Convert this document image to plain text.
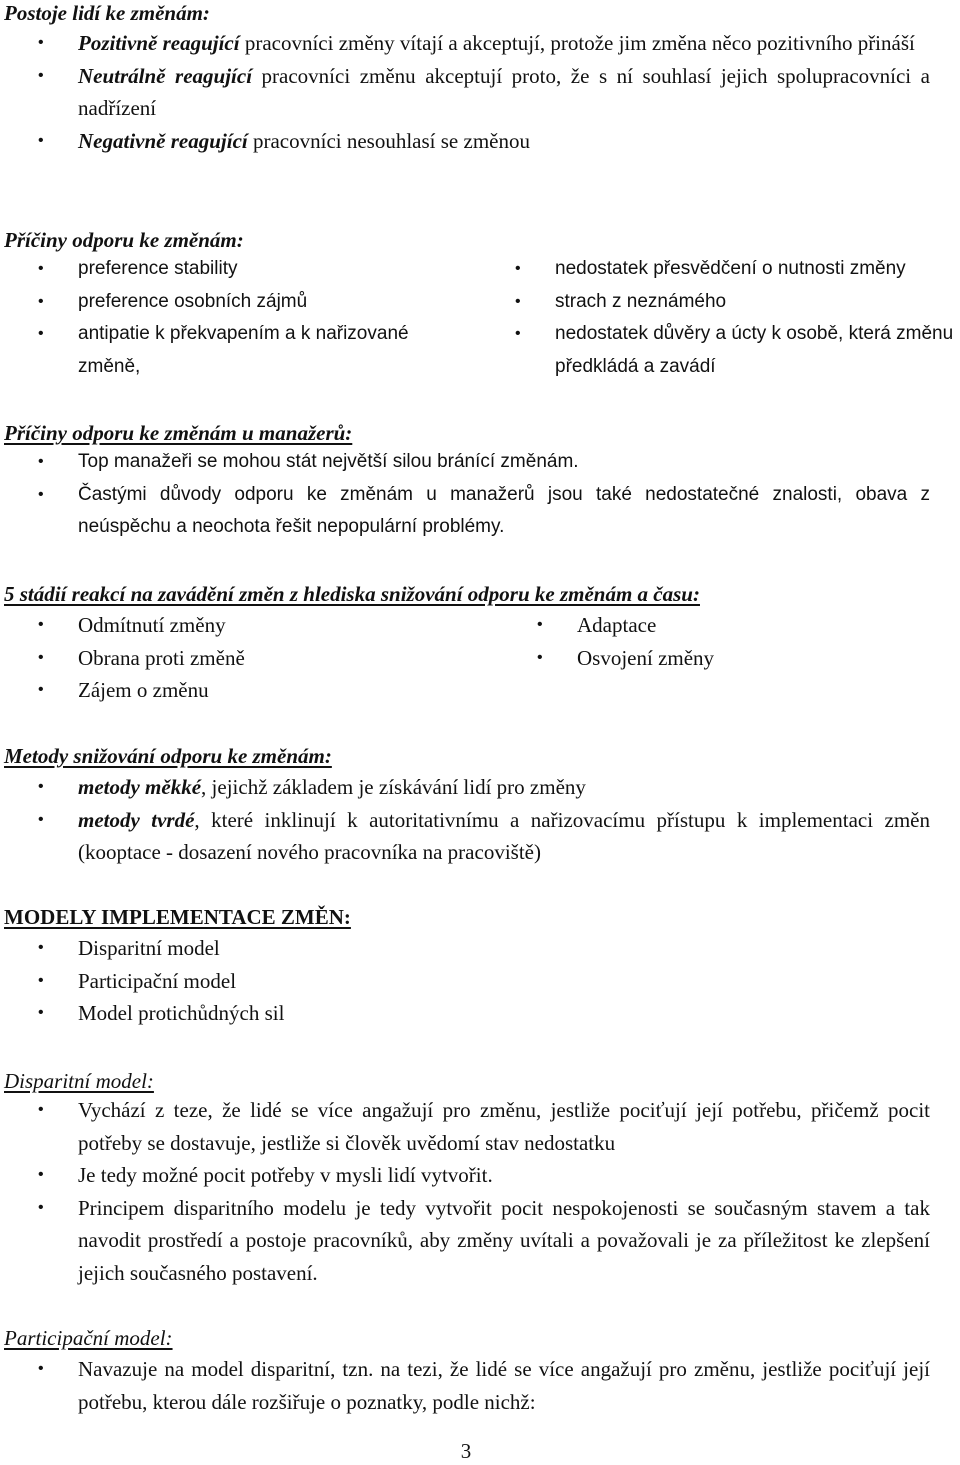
Postoje lidí ke změnám:
• Pozitivně reagující pracovníci změny vítají a akceptují, protože jim změna něco pozitivního přináší
• Neutrálně reagující pracovníci změnu akceptují proto, že s ní souhlasí jejich spolupracovníci a nadřízení
• Negativně reagující pracovníci nesouhlasí se změnou
Příčiny odporu ke změnám:
• preference stability
• preference osobních zájmů
• antipatie k překvapením a k nařizované změně,
• nedostatek přesvědčení o nutnosti změny
• strach z neznámého
• nedostatek důvěry a úcty k osobě, která změnu předkládá a zavádí
Příčiny odporu ke změnám u manažerů:
• Top manažeři se mohou stát největší silou bránící změnám.
• Častými důvody odporu ke změnám u manažerů jsou také nedostatečné znalosti, obava z neúspěchu a neochota řešit nepopulární problémy.
5 stádií reakcí na zavádění změn z hlediska snižování odporu ke změnám a času:
• Odmítnutí změny
• Obrana proti změně
• Zájem o změnu
• Adaptace
• Osvojení změny
Metody snižování odporu ke změnám:
• metody měkké, jejichž základem je získávání lidí pro změny
• metody tvrdé, které inklinují k autoritativnímu a nařizovacímu přístupu k implementaci změn (kooptace - dosazení nového pracovníka na pracoviště)
MODELY IMPLEMENTACE ZMĚN:
• Disparitní model
• Participační model
• Model protichůdných sil
Disparitní model:
• Vychází z teze, že lidé se více angažují pro změnu, jestliže pociťují její potřebu, přičemž pocit potřeby se dostavuje, jestliže si člověk uvědomí stav nedostatku
• Je tedy možné pocit potřeby v mysli lidí vytvořit.
• Principem disparitního modelu je tedy vytvořit pocit nespokojenosti se současným stavem a tak navodit prostředí a postoje pracovníků, aby změny uvítali a považovali je za příležitost ke zlepšení jejich současného postavení.
Participační model:
• Navazuje na model disparitní, tzn. na tezi, že lidé se více angažují pro změnu, jestliže pociťují její potřebu, kterou dále rozšiřuje o poznatky, podle nichž:
3
